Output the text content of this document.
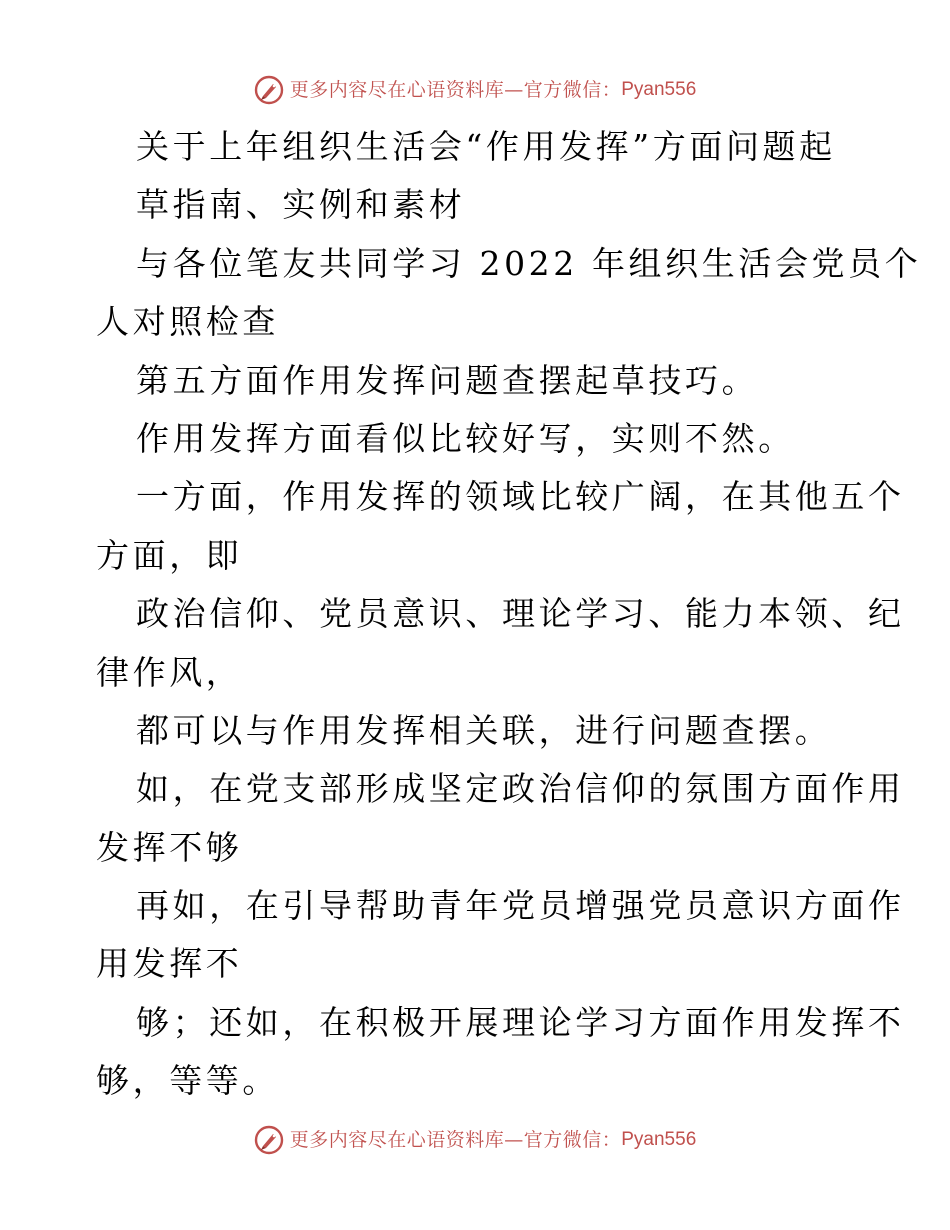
更多内容尽在心语资料库—官方微信： Pyan556
关于上年组织生活会“作用发挥”方面问题起
草指南、实例和素材
与各位笔友共同学习 2022 年组织生活会党员个
人对照检查
第五方面作用发挥问题查摆起草技巧。
作用发挥方面看似比较好写，实则不然。
一方面，作用发挥的领域比较广阔，在其他五个
方面，即
政治信仰、党员意识、理论学习、能力本领、纪
律作风，
都可以与作用发挥相关联，进行问题查摆。
如，在党支部形成坚定政治信仰的氛围方面作用
发挥不够
再如，在引导帮助青年党员增强党员意识方面作
用发挥不
够；还如，在积极开展理论学习方面作用发挥不
够，等等。
更多内容尽在心语资料库—官方微信： Pyan556
